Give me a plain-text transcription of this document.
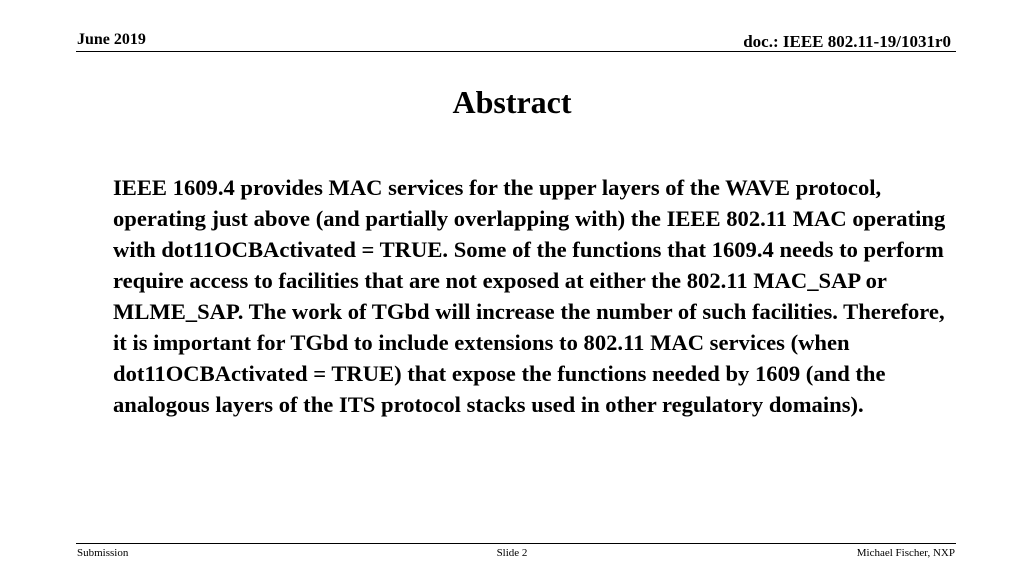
June 2019	doc.: IEEE 802.11-19/1031r0
Abstract

IEEE 1609.4 provides MAC services for the upper layers of the WAVE protocol, operating just above (and partially overlapping with) the IEEE 802.11 MAC operating with dot11OCBActivated = TRUE. Some of the functions that 1609.4 needs to perform require access to facilities that are not exposed at either the 802.11 MAC_SAP or MLME_SAP. The work of TGbd will increase the number of such facilities. Therefore, it is important for TGbd to include extensions to 802.11 MAC services (when dot11OCBActivated = TRUE) that expose the functions needed by 1609 (and the analogous layers of the ITS protocol stacks used in other regulatory domains).

Submission	Slide 2	Michael Fischer, NXP
